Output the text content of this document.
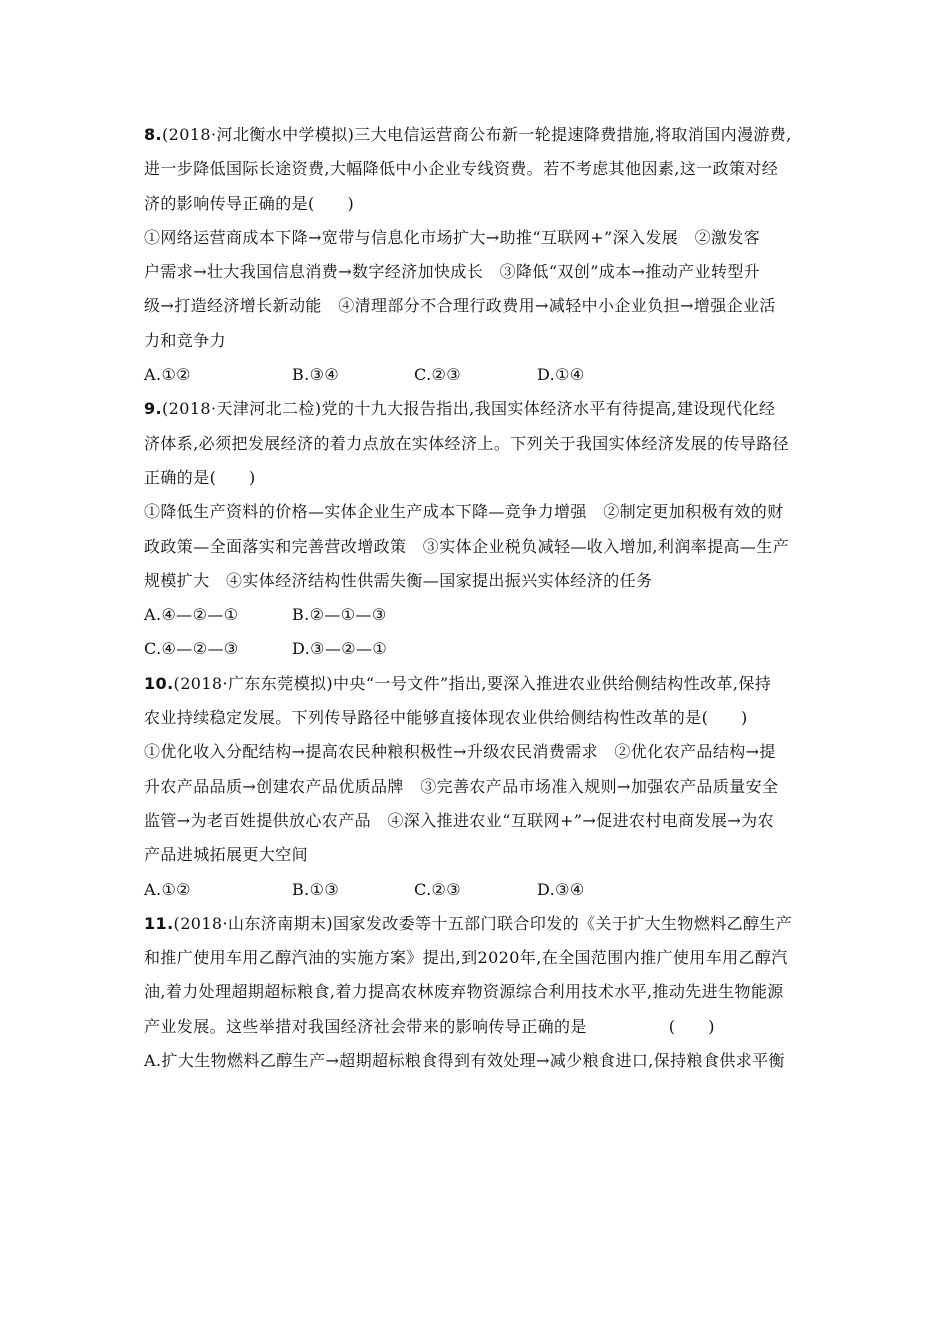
8.(2018·河北衡水中学模拟)三大电信运营商公布新一轮提速降费措施,将取消国内漫游费,
进一步降低国际长途资费,大幅降低中小企业专线资费。若不考虑其他因素,这一政策对经
济的影响传导正确的是(　　)
①网络运营商成本下降→宽带与信息化市场扩大→助推“互联网+”深入发展　②激发客
户需求→壮大我国信息消费→数字经济加快成长　③降低“双创”成本→推动产业转型升
级→打造经济增长新动能　④清理部分不合理行政费用→减轻中小企业负担→增强企业活
力和竞争力
A.①②	B.③④	C.②③	D.①④
9.(2018·天津河北二检)党的十九大报告指出,我国实体经济水平有待提高,建设现代化经
济体系,必须把发展经济的着力点放在实体经济上。下列关于我国实体经济发展的传导路径
正确的是(　　)
①降低生产资料的价格—实体企业生产成本下降—竞争力增强　②制定更加积极有效的财
政政策—全面落实和完善营改增政策　③实体企业税负减轻—收入增加,利润率提高—生产
规模扩大　④实体经济结构性供需失衡—国家提出振兴实体经济的任务
A.④—②—①	B.②—①—③
C.④—②—③	D.③—②—①
10.(2018·广东东莞模拟)中央“一号文件”指出,要深入推进农业供给侧结构性改革,保持
农业持续稳定发展。下列传导路径中能够直接体现农业供给侧结构性改革的是(　　)
①优化收入分配结构→提高农民种粮积极性→升级农民消费需求　②优化农产品结构→提
升农产品品质→创建农产品优质品牌　③完善农产品市场准入规则→加强农产品质量安全
监管→为老百姓提供放心农产品　④深入推进农业“互联网+”→促进农村电商发展→为农
产品进城拓展更大空间
A.①②	B.①③	C.②③	D.③④
11.(2018·山东济南期末)国家发改委等十五部门联合印发的《关于扩大生物燃料乙醇生产
和推广使用车用乙醇汽油的实施方案》提出,到2020年,在全国范围内推广使用车用乙醇汽
油,着力处理超期超标粮食,着力提高农林废弃物资源综合利用技术水平,推动先进生物能源
产业发展。这些举措对我国经济社会带来的影响传导正确的是　　　　　(　　)
A.扩大生物燃料乙醇生产→超期超标粮食得到有效处理→减少粮食进口,保持粮食供求平衡
